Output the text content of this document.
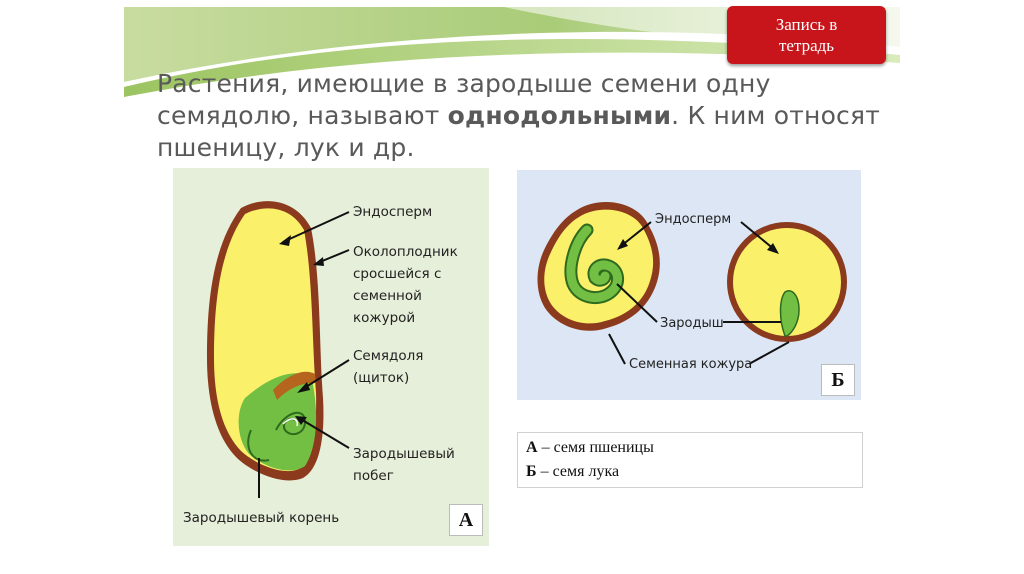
Запись в
тетрадь
Растения, имеющие в зародыше семени одну
семядолю, называют однодольными. К ним относят
пшеницу, лук и др.
Эндосперм
Околоплодник
сросшейся с
семенной
кожурой
Семядоля
(щиток)
Зародышевый
побег
Зародышевый корень	А
Эндосперм
Зародыш
Семенная кожура
Б
А – семя пшеницы
Б – семя лука
